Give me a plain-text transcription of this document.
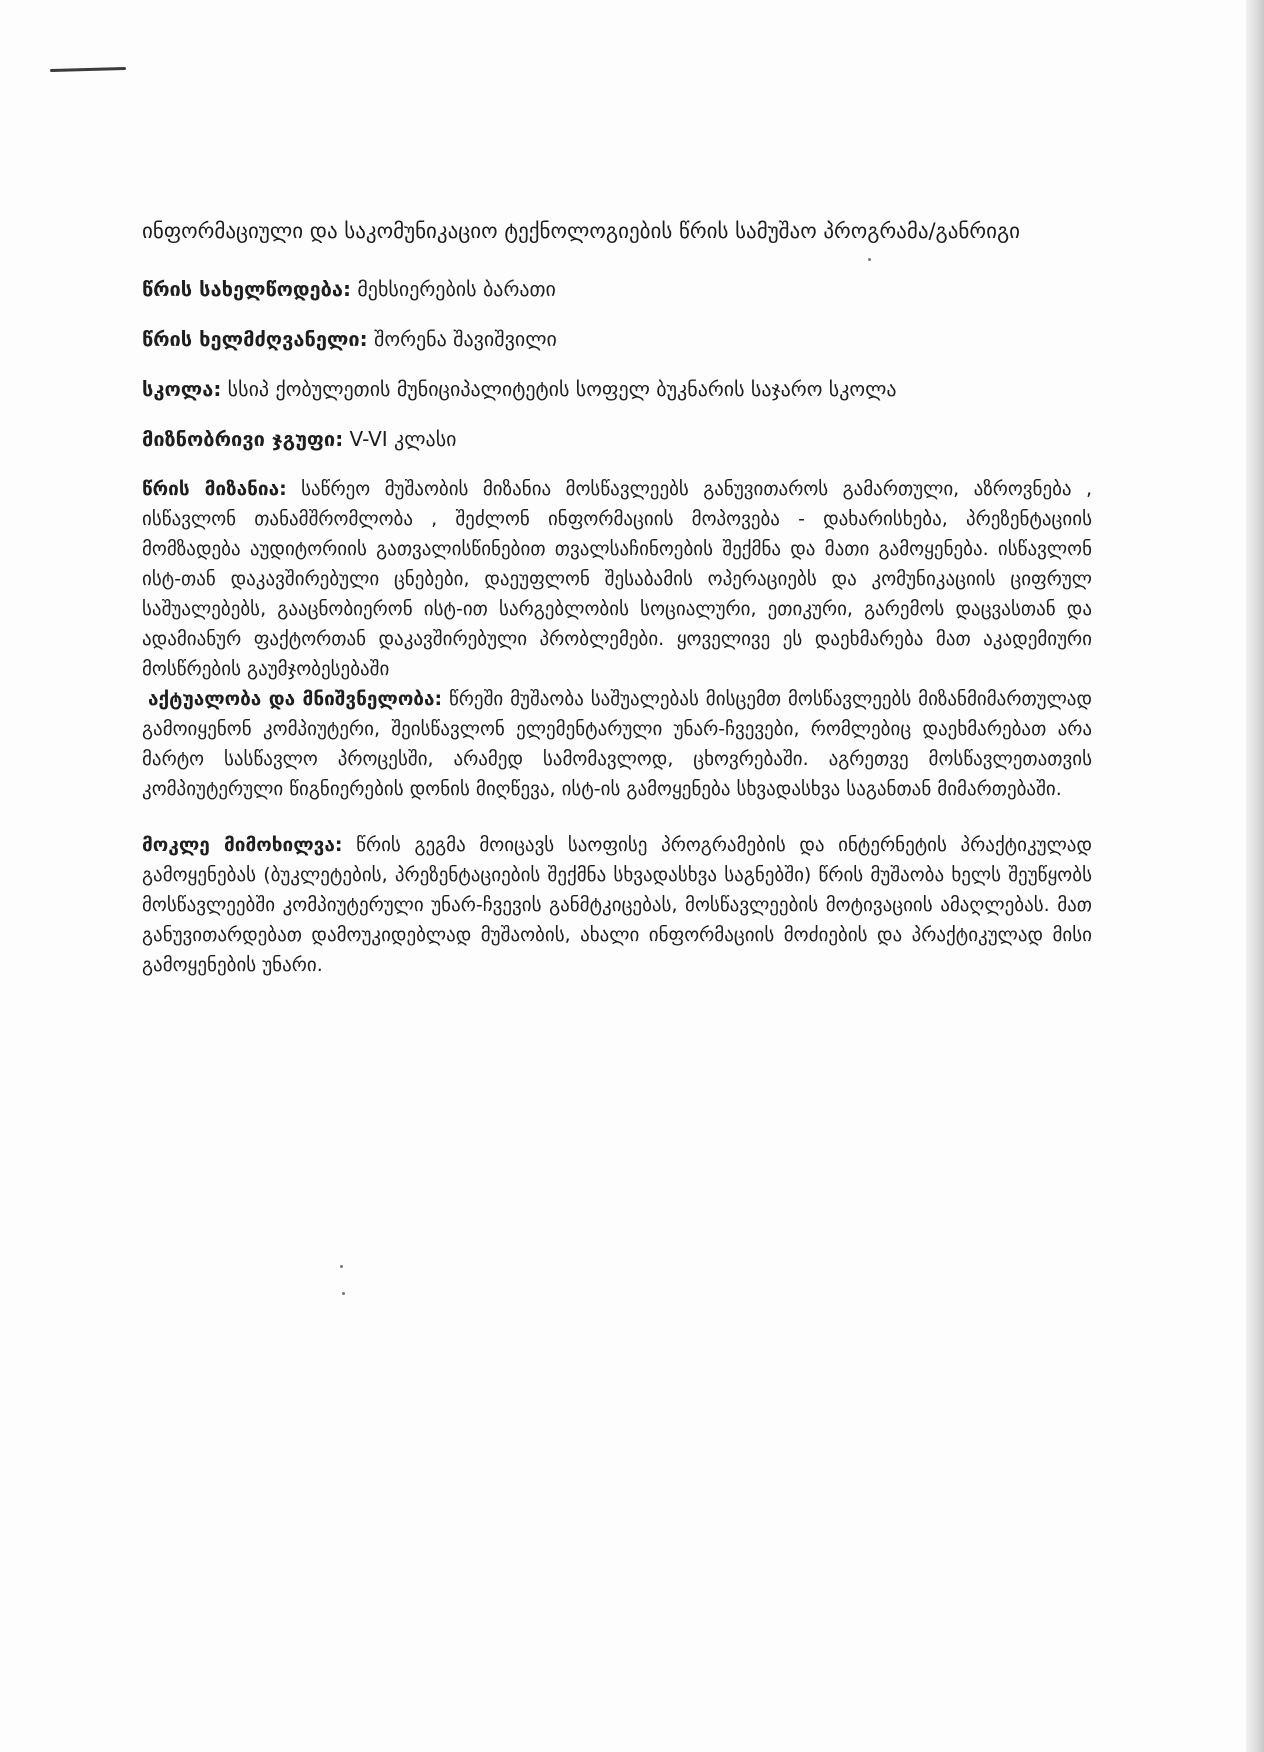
ინფორმაციული და საკომუნიკაციო ტექნოლოგიების წრის სამუშაო პროგრამა/განრიგი
წრის სახელწოდება: მეხსიერების ბარათი
წრის ხელმძღვანელი: შორენა შავიშვილი
სკოლა: სსიპ ქობულეთის მუნიციპალიტეტის სოფელ ბუკნარის საჯარო სკოლა
მიზნობრივი ჯგუფი: V-VI კლასი

წრის მიზანია: საწრეო მუშაობის მიზანია მოსწავლეებს განუვითაროს გამართული, აზროვნება , ისწავლონ თანამშრომლობა , შეძლონ ინფორმაციის მოპოვება - დახარისხება, პრეზენტაციის მომზადება აუდიტორიის გათვალისწინებით თვალსაჩინოების შექმნა და მათი გამოყენება. ისწავლონ ისტ-თან დაკავშირებული ცნებები, დაეუფლონ შესაბამის ოპერაციებს და კომუნიკაციის ციფრულ საშუალებებს, გააცნობიერონ ისტ-ით სარგებლობის სოციალური, ეთიკური, გარემოს დაცვასთან და ადამიანურ ფაქტორთან დაკავშირებული პრობლემები. ყოველივე ეს დაეხმარება მათ აკადემიური მოსწრების გაუმჯობესებაში

აქტუალობა და მნიშვნელობა: წრეში მუშაობა საშუალებას მისცემთ მოსწავლეებს მიზანმიმართულად გამოიყენონ კომპიუტერი, შეისწავლონ ელემენტარული უნარ-ჩვევები, რომლებიც დაეხმარებათ არა მარტო სასწავლო პროცესში, არამედ სამომავლოდ, ცხოვრებაში. აგრეთვე მოსწავლეთათვის კომპიუტერული წიგნიერების დონის მიღწევა, ისტ-ის გამოყენება სხვადასხვა საგანთან მიმართებაში.

მოკლე მიმოხილვა: წრის გეგმა მოიცავს საოფისე პროგრამების და ინტერნეტის პრაქტიკულად გამოყენებას (ბუკლეტების, პრეზენტაციების შექმნა სხვადასხვა საგნებში) წრის მუშაობა ხელს შეუწყობს მოსწავლეებში კომპიუტერული უნარ-ჩვევის განმტკიცებას, მოსწავლეების მოტივაციის ამაღლებას. მათ განუვითარდებათ დამოუკიდებლად მუშაობის, ახალი ინფორმაციის მოძიების და პრაქტიკულად მისი გამოყენების უნარი.
